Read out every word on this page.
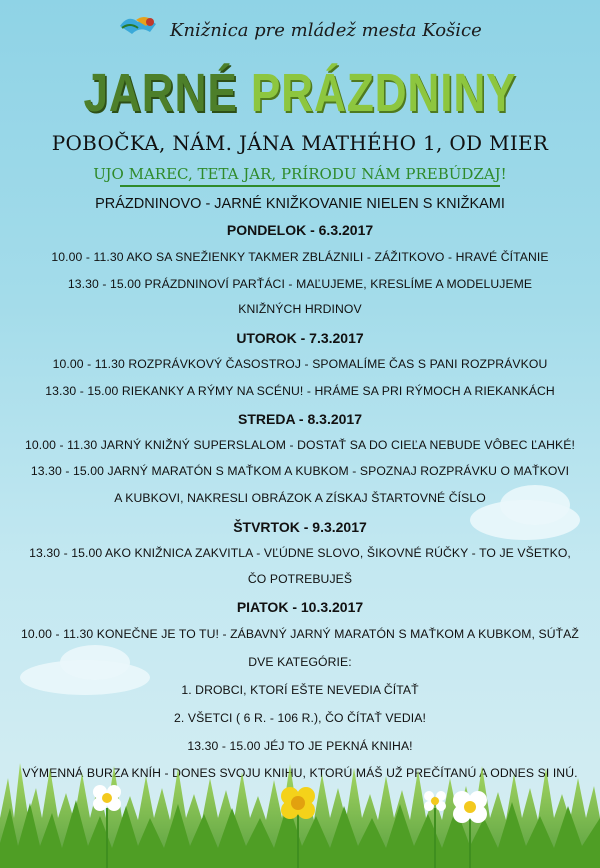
Knižnica pre mládež mesta Košice
JARNÉ PRÁZDNINY
POBOČKA, NÁM. JÁNA MATHÉHO 1, OD MIER
UJO MAREC, TETA JAR, PRÍRODU NÁM PREBÚDZAJ!
PRÁZDNINOVO - JARNÉ KNIŽKOVANIE NIELEN S KNIŽKAMI
PONDELOK - 6.3.2017
10.00 - 11.30 AKO SA SNEŽIENKY TAKMER ZBLÁZNILI - ZÁŽITKOVO - HRAVÉ ČÍTANIE
13.30 - 15.00 PRÁZDNINOVÍ PARŤÁCI - MAĽUJEME, KRESLÍME A MODELUJEME
KNIŽNÝCH HRDINOV
UTOROK - 7.3.2017
10.00 - 11.30 ROZPRÁVKOVÝ ČASOSTROJ - SPOMALÍME ČAS S PANI ROZPRÁVKOU
13.30 - 15.00 RIEKANKY A RÝMY NA SCÉNU! - HRÁME SA PRI RÝMOCH A RIEKANKÁCH
STREDA - 8.3.2017
10.00 - 11.30 JARNÝ KNIŽNÝ SUPERSLALOM - DOSTAŤ SA DO CIEĽA NEBUDE VÔBEC ĽAHKÉ!
13.30 - 15.00 JARNÝ MARATÓN S MAŤKOM A KUBKOM - SPOZNAJ ROZPRÁVKU O MAŤKOVI
A KUBKOVI, NAKRESLI OBRÁZOK A ZÍSKAJ ŠTARTOVNÉ ČÍSLO
ŠTVRTOK - 9.3.2017
13.30 - 15.00 AKO KNIŽNICA ZAKVITLA - VĽÚDNE SLOVO, ŠIKOVNÉ RÚČKY - TO JE VŠETKO,
ČO POTREBUJEŠ
PIATOK - 10.3.2017
10.00 - 11.30 KONEČNE JE TO TU! - ZÁBAVNÝ JARNÝ MARATÓN S MAŤKOM A KUBKOM, SÚŤAŽ
DVE KATEGÓRIE:
1. DROBCI, KTORÍ EŠTE NEVEDIA ČÍTAŤ
2. VŠETCI ( 6 R. - 106 R.), ČO ČÍTAŤ VEDIA!
13.30 - 15.00 JÉJ TO JE PEKNÁ KNIHA!
VÝMENNÁ BURZA KNÍH - DONES SVOJU KNIHU, KTORÚ MÁŠ UŽ PREČÍTANÚ A ODNES SI INÚ.
